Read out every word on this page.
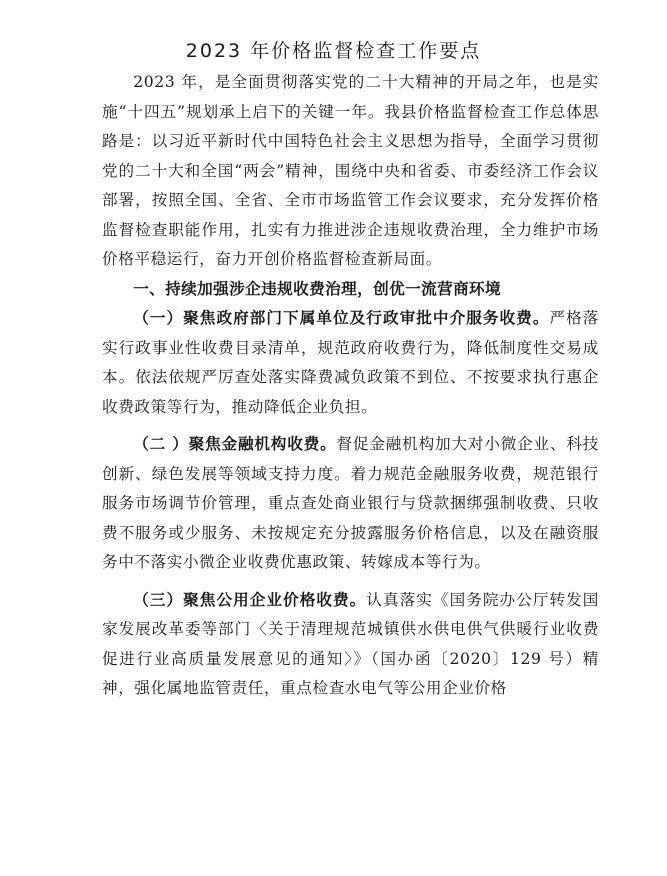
2023 年价格监督检查工作要点

2023 年，是全面贯彻落实党的二十大精神的开局之年，也是实施“十四五”规划承上启下的关键一年。我县价格监督检查工作总体思路是：以习近平新时代中国特色社会主义思想为指导，全面学习贯彻党的二十大和全国“两会”精神，围绕中央和省委、市委经济工作会议部署，按照全国、全省、全市市场监管工作会议要求，充分发挥价格监督检查职能作用，扎实有力推进涉企违规收费治理，全力维护市场价格平稳运行，奋力开创价格监督检查新局面。

一、持续加强涉企违规收费治理，创优一流营商环境

（一）聚焦政府部门下属单位及行政审批中介服务收费。严格落实行政事业性收费目录清单，规范政府收费行为，降低制度性交易成本。依法依规严厉查处落实降费减负政策不到位、不按要求执行惠企收费政策等行为，推动降低企业负担。

（二 ）聚焦金融机构收费。督促金融机构加大对小微企业、科技创新、绿色发展等领域支持力度。着力规范金融服务收费，规范银行服务市场调节价管理，重点查处商业银行与贷款捆绑强制收费、只收费不服务或少服务、未按规定充分披露服务价格信息，以及在融资服务中不落实小微企业收费优惠政策、转嫁成本等行为。

（三）聚焦公用企业价格收费。认真落实《国务院办公厅转发国家发展改革委等部门〈关于清理规范城镇供水供电供气供暖行业收费促进行业高质量发展意见的通知〉》（国办函〔2020〕129 号）精神，强化属地监管责任，重点检查水电气等公用企业价格
